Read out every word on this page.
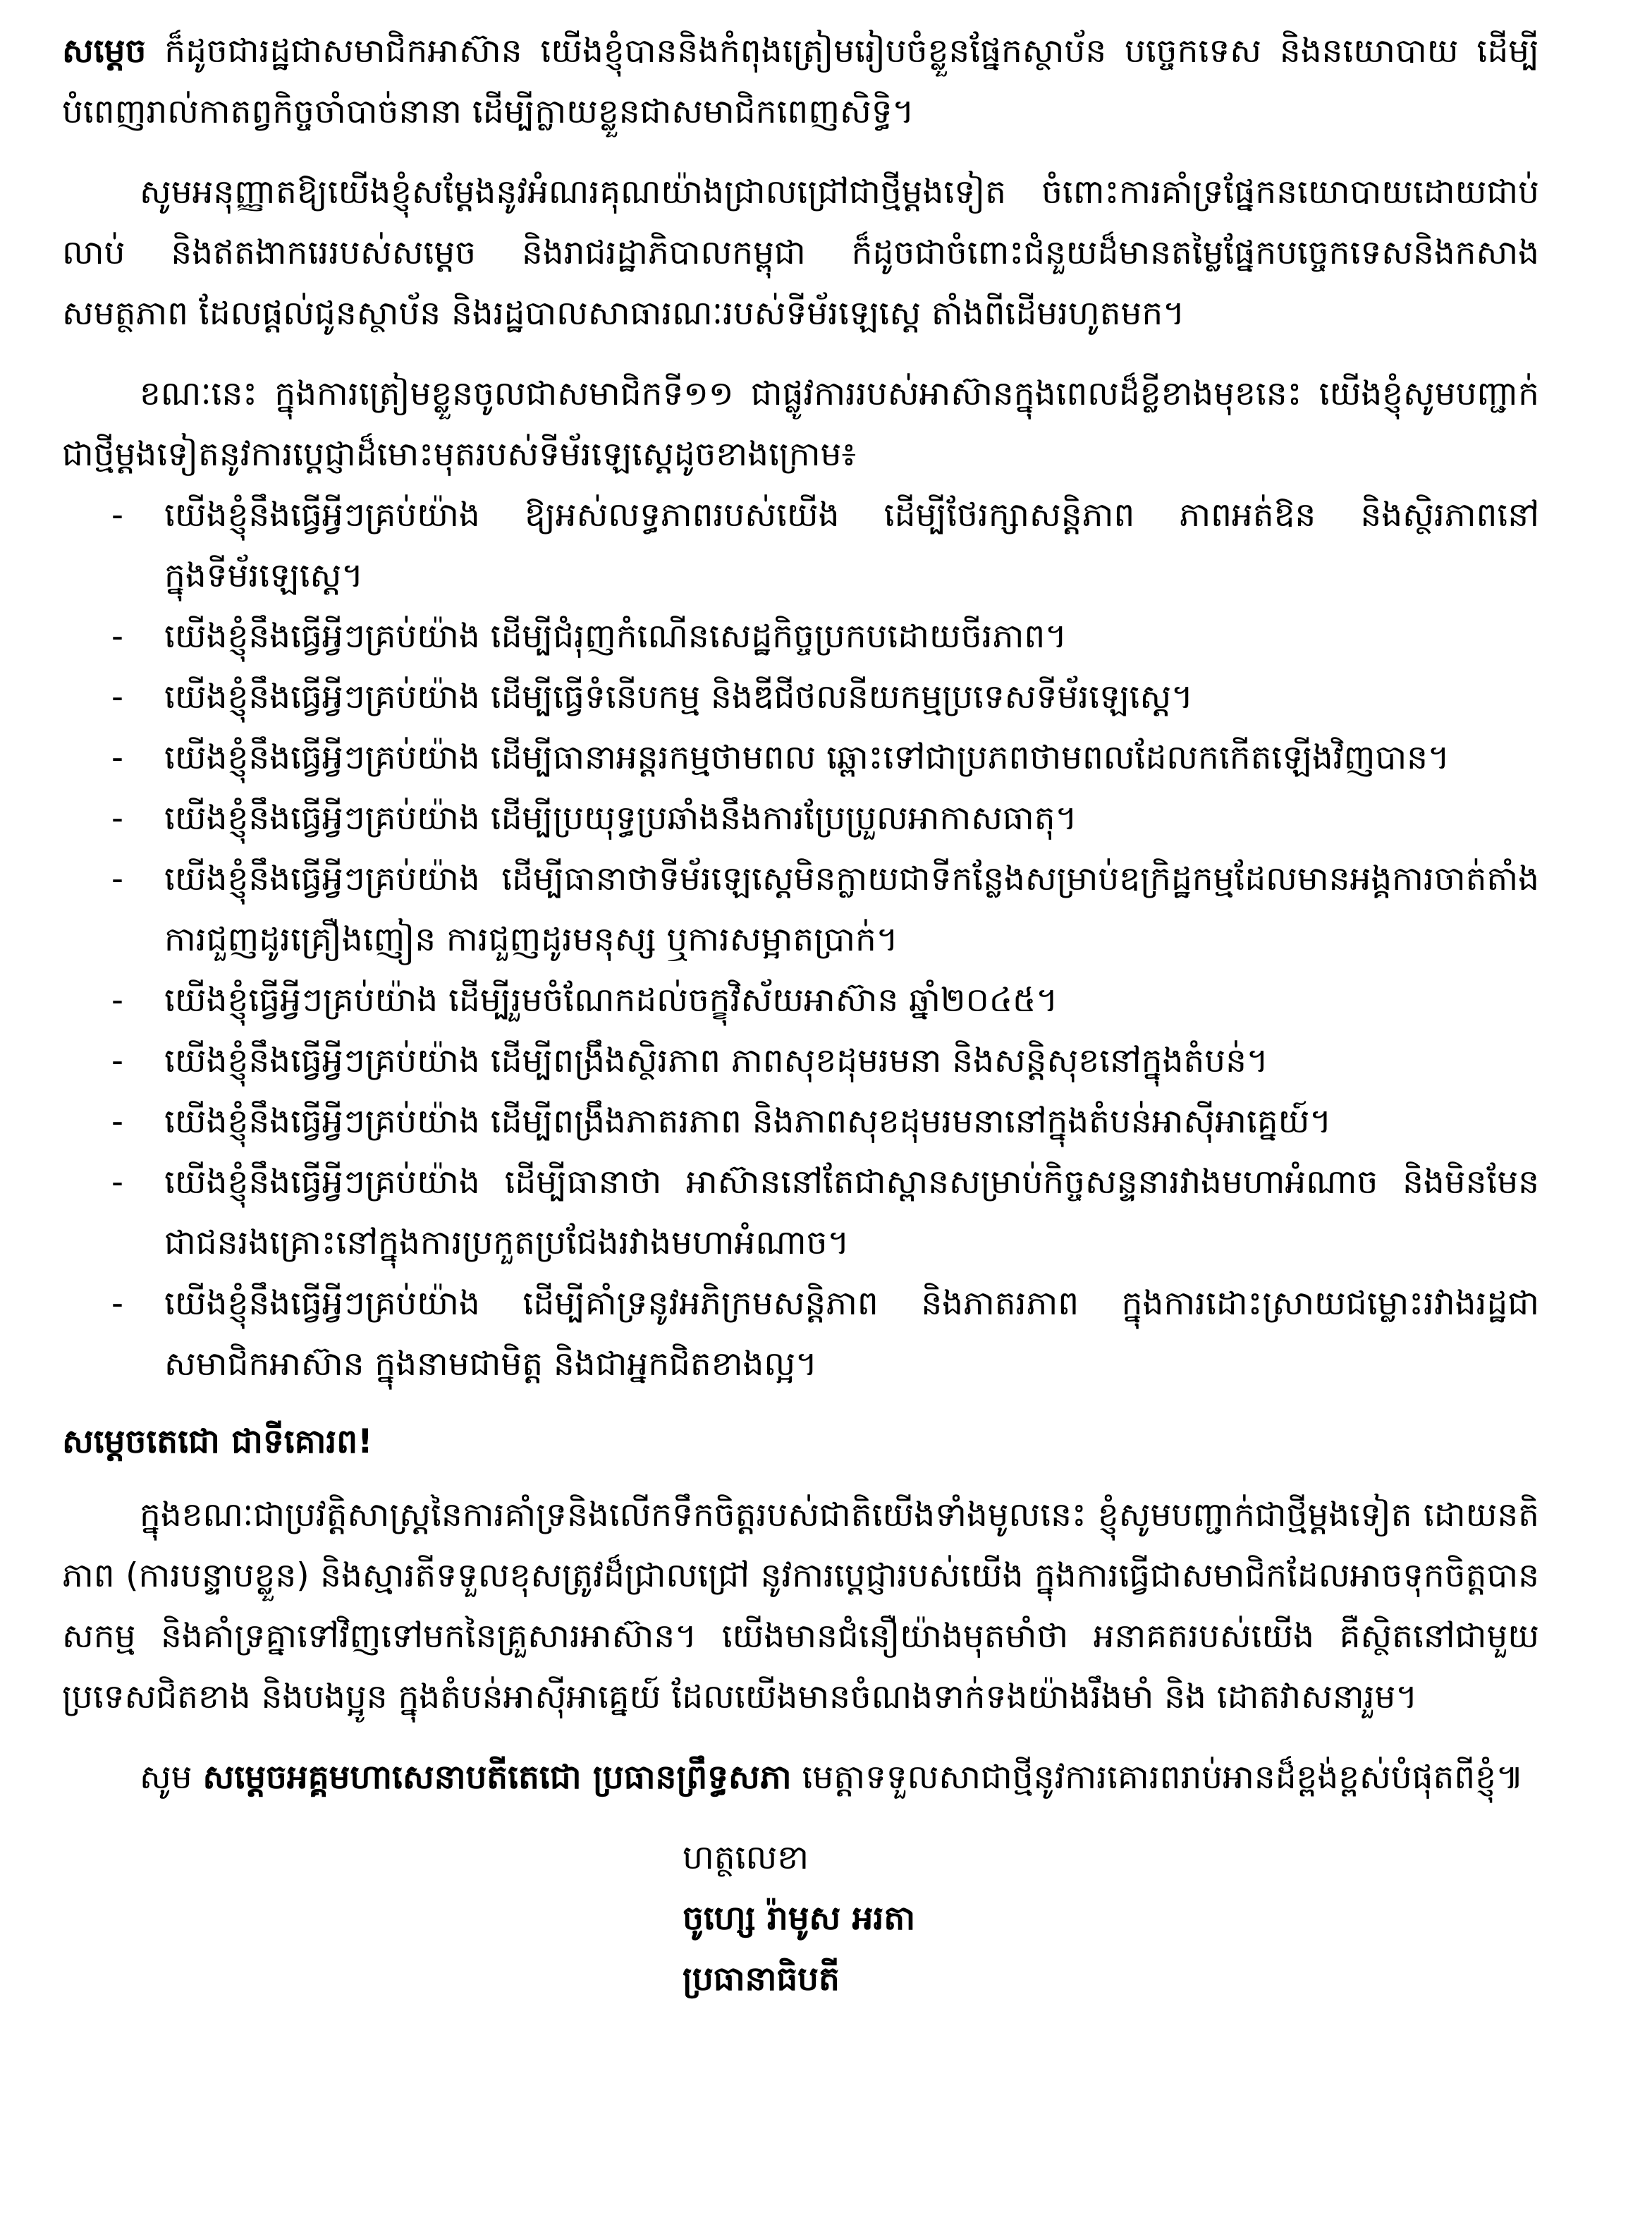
សម្តេច ក៏ដូចជារដ្ឋជាសមាជិកអាស៊ាន យើងខ្ញុំបាននិងកំពុងត្រៀមរៀបចំខ្លួនផ្នែកស្ថាប័ន បច្ចេកទេស និងនយោបាយ ដើម្បីបំពេញរាល់កាតព្វកិច្ចចាំបាច់នានា ដើម្បីក្លាយខ្លួនជាសមាជិកពេញសិទ្ធិ។

សូមអនុញ្ញាតឱ្យយើងខ្ញុំសម្តែងនូវអំណរគុណយ៉ាងជ្រាលជ្រៅជាថ្មីម្តងទៀត ចំពោះការគាំទ្រផ្នែកនយោបាយដោយជាប់លាប់ និងឥតងាករេរបស់សម្តេច និងរាជរដ្ឋាភិបាលកម្ពុជា ក៏ដូចជាចំពោះជំនួយដ៏មានតម្លៃផ្នែកបច្ចេកទេសនិងកសាងសមត្ថភាព ដែលផ្តល់ជូនស្ថាប័ន និងរដ្ឋបាលសាធារណៈរបស់ទីម័រឡេស្តេ តាំងពីដើមរហូតមក។

ខណៈនេះ ក្នុងការត្រៀមខ្លួនចូលជាសមាជិកទី១១ ជាផ្លូវការរបស់អាស៊ានក្នុងពេលដ៏ខ្លីខាងមុខនេះ យើងខ្ញុំសូមបញ្ជាក់ជាថ្មីម្តងទៀតនូវការប្តេជ្ញាដ៏មោះមុតរបស់ទីម័រឡេស្តេដូចខាងក្រោម៖

- យើងខ្ញុំនឹងធ្វើអ្វីៗគ្រប់យ៉ាង ឱ្យអស់លទ្ធភាពរបស់យើង ដើម្បីថែរក្សាសន្តិភាព ភាពអត់ឱន និងស្ថិរភាពនៅក្នុងទីម័រឡេស្តេ។
- យើងខ្ញុំនឹងធ្វើអ្វីៗគ្រប់យ៉ាង ដើម្បីជំរុញកំណើនសេដ្ឋកិច្ចប្រកបដោយចីរភាព។
- យើងខ្ញុំនឹងធ្វើអ្វីៗគ្រប់យ៉ាង ដើម្បីធ្វើទំនើបកម្ម និងឌីជីថលនីយកម្មប្រទេសទីម័រឡេស្តេ។
- យើងខ្ញុំនឹងធ្វើអ្វីៗគ្រប់យ៉ាង ដើម្បីធានាអន្តរកម្មថាមពល ឆ្ពោះទៅជាប្រភពថាមពលដែលកកើតឡើងវិញបាន។
- យើងខ្ញុំនឹងធ្វើអ្វីៗគ្រប់យ៉ាង ដើម្បីប្រយុទ្ធប្រឆាំងនឹងការប្រែប្រួលអាកាសធាតុ។
- យើងខ្ញុំនឹងធ្វើអ្វីៗគ្រប់យ៉ាង ដើម្បីធានាថាទីម័រឡេស្តេមិនក្លាយជាទីកន្លែងសម្រាប់ឧក្រិដ្ឋកម្មដែលមានអង្គការចាត់តាំង ការជួញដូរគ្រឿងញៀន ការជួញដូរមនុស្ស ឬការសម្អាតប្រាក់។
- យើងខ្ញុំធ្វើអ្វីៗគ្រប់យ៉ាង ដើម្បីរួមចំណែកដល់ចក្ខុវិស័យអាស៊ាន ឆ្នាំ២០៤៥។
- យើងខ្ញុំនឹងធ្វើអ្វីៗគ្រប់យ៉ាង ដើម្បីពង្រឹងស្ថិរភាព ភាពសុខដុមរមនា និងសន្តិសុខនៅក្នុងតំបន់។
- យើងខ្ញុំនឹងធ្វើអ្វីៗគ្រប់យ៉ាង ដើម្បីពង្រឹងភាតរភាព និងភាពសុខដុមរមនានៅក្នុងតំបន់អាស៊ីអាគ្នេយ៍។
- យើងខ្ញុំនឹងធ្វើអ្វីៗគ្រប់យ៉ាង ដើម្បីធានាថា អាស៊ាននៅតែជាស្ពានសម្រាប់កិច្ចសន្ទនារវាងមហាអំណាច និងមិនមែនជាជនរងគ្រោះនៅក្នុងការប្រកួតប្រជែងរវាងមហាអំណាច។
- យើងខ្ញុំនឹងធ្វើអ្វីៗគ្រប់យ៉ាង ដើម្បីគាំទ្រនូវអភិក្រមសន្តិភាព និងភាតរភាព ក្នុងការដោះស្រាយជម្លោះរវាងរដ្ឋជាសមាជិកអាស៊ាន ក្នុងនាមជាមិត្ត និងជាអ្នកជិតខាងល្អ។
សម្តេចតេជោ ជាទីគោរព!

ក្នុងខណៈជាប្រវត្តិសាស្ត្រនៃការគាំទ្រនិងលើកទឹកចិត្តរបស់ជាតិយើងទាំងមូលនេះ ខ្ញុំសូមបញ្ជាក់ជាថ្មីម្តងទៀត ដោយនតិភាព (ការបន្ទាបខ្លួន) និងស្មារតីទទួលខុសត្រូវដ៏ជ្រាលជ្រៅ នូវការប្តេជ្ញារបស់យើង ក្នុងការធ្វើជាសមាជិកដែលអាចទុកចិត្តបាន សកម្ម និងគាំទ្រគ្នាទៅវិញទៅមកនៃគ្រួសារអាស៊ាន។ យើងមានជំនឿយ៉ាងមុតមាំថា អនាគតរបស់យើង គឺស្ថិតនៅជាមួយប្រទេសជិតខាង និងបងប្អូន ក្នុងតំបន់អាស៊ីអាគ្នេយ៍ ដែលយើងមានចំណងទាក់ទងយ៉ាងរឹងមាំ និង ដោតវាសនារួម។

សូម សម្តេចអគ្គមហាសេនាបតីតេជោ ប្រធានព្រឹទ្ធសភា មេត្តាទទួលសាជាថ្មីនូវការគោរពរាប់អានដ៏ខ្ពង់ខ្ពស់បំផុតពីខ្ញុំ៕

ហត្ថលេខា
ចូហ្សេ រ៉ាមូស អរតា
ប្រធានាធិបតី
